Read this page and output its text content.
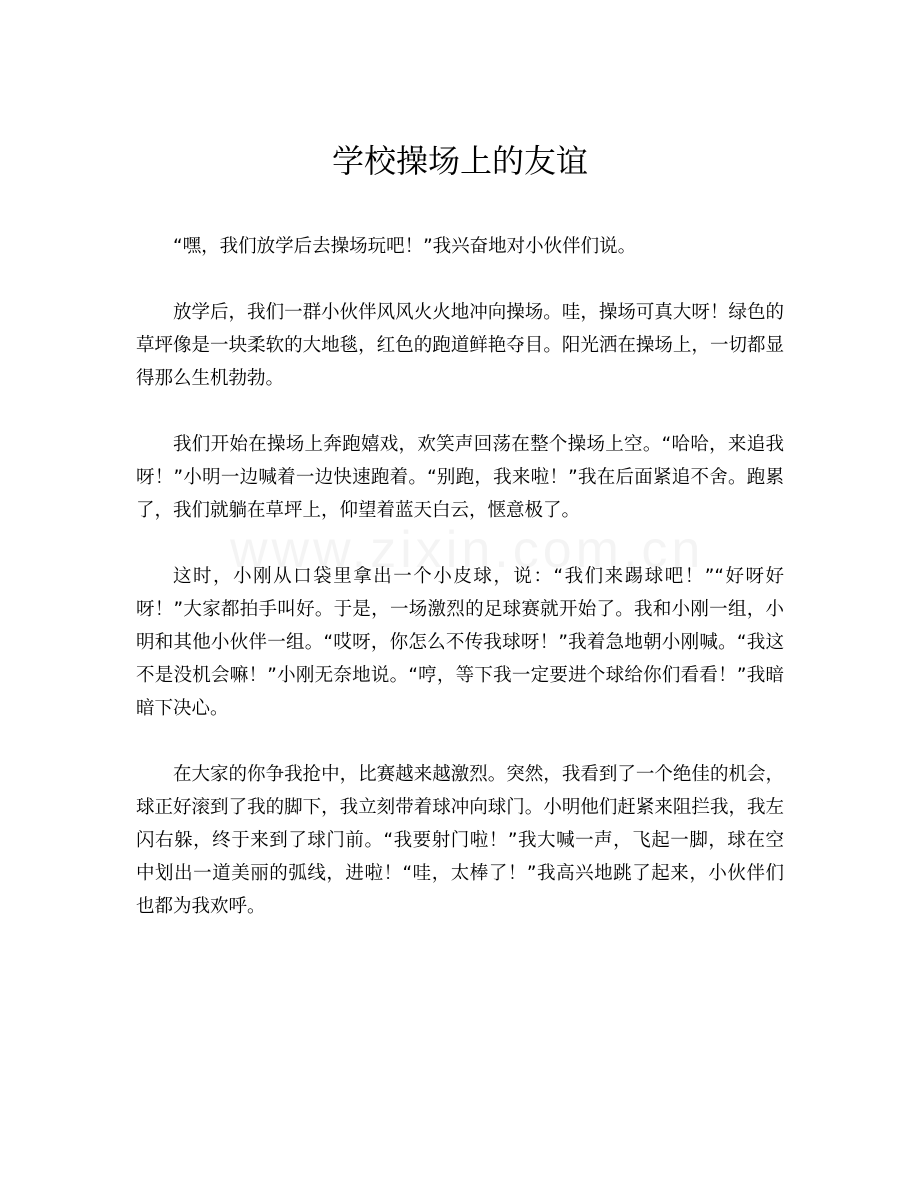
学校操场上的友谊

“嘿，我们放学后去操场玩吧！”我兴奋地对小伙伴们说。

放学后，我们一群小伙伴风风火火地冲向操场。哇，操场可真大呀！绿色的草坪像是一块柔软的大地毯，红色的跑道鲜艳夺目。阳光洒在操场上，一切都显得那么生机勃勃。

我们开始在操场上奔跑嬉戏，欢笑声回荡在整个操场上空。“哈哈，来追我呀！”小明一边喊着一边快速跑着。“别跑，我来啦！”我在后面紧追不舍。跑累了，我们就躺在草坪上，仰望着蓝天白云，惬意极了。

这时，小刚从口袋里拿出一个小皮球，说：“我们来踢球吧！”“好呀好呀！”大家都拍手叫好。于是，一场激烈的足球赛就开始了。我和小刚一组，小明和其他小伙伴一组。“哎呀，你怎么不传我球呀！”我着急地朝小刚喊。“我这不是没机会嘛！”小刚无奈地说。“哼，等下我一定要进个球给你们看看！”我暗暗下决心。

在大家的你争我抢中，比赛越来越激烈。突然，我看到了一个绝佳的机会，球正好滚到了我的脚下，我立刻带着球冲向球门。小明他们赶紧来阻拦我，我左闪右躲，终于来到了球门前。“我要射门啦！”我大喊一声，飞起一脚，球在空中划出一道美丽的弧线，进啦！“哇，太棒了！”我高兴地跳了起来，小伙伴们也都为我欢呼。
